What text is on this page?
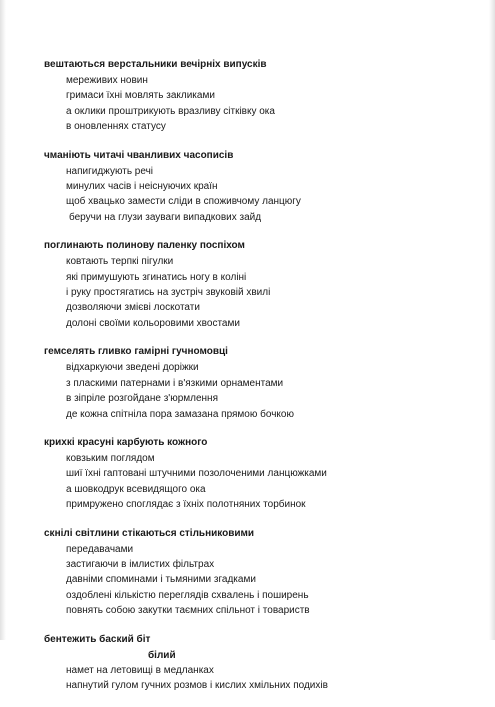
вештаються верстальники вечірніх випусків
мереживих новин
гримаси їхні мовлять закликами
а оклики проштрикують вразливу сітківку ока
в оновленнях статусу
чманіють читачі чванливих часописів
напигиджують речі
минулих часів і неіснуючих країн
щоб хвацько замести сліди в споживчому ланцюгу
беручи на глузи зауваги випадкових зайд
поглинають полинову паленку поспіхом
ковтають терпкі пігулки
які примушують згинатись ногу в коліні
і руку простягатись на зустріч звуковій хвилі
дозволяючи змієві лоскотати
долоні своїми кольоровими хвостами
гемселять гливко гамірні гучномовці
відхаркуючи зведені доріжки
з пласкими патернами і в'язкими орнаментами
в зіпріле розгойдане з'юрмлення
де кожна спітніла пора замазана прямою бочкою
крихкі красуні карбують кожного
ковзьким поглядом
шиї їхні гаптовані штучними позолоченими ланцюжками
а шовкодрук всевидящого ока
примружено споглядає з їхніх полотняних торбинок
скнілі світлини стікаються стільниковими
передавачами
застигаючи в імлистих фільтрах
давніми споминами і тьмяними згадками
оздоблені кількістю переглядів схвалень і поширень
повнять собою закутки таємних спільнот і товариств
бентежить баский біт
білий
намет на летовищі в медланках
напнутий гулом гучних розмов і кислих хмільних подихів
